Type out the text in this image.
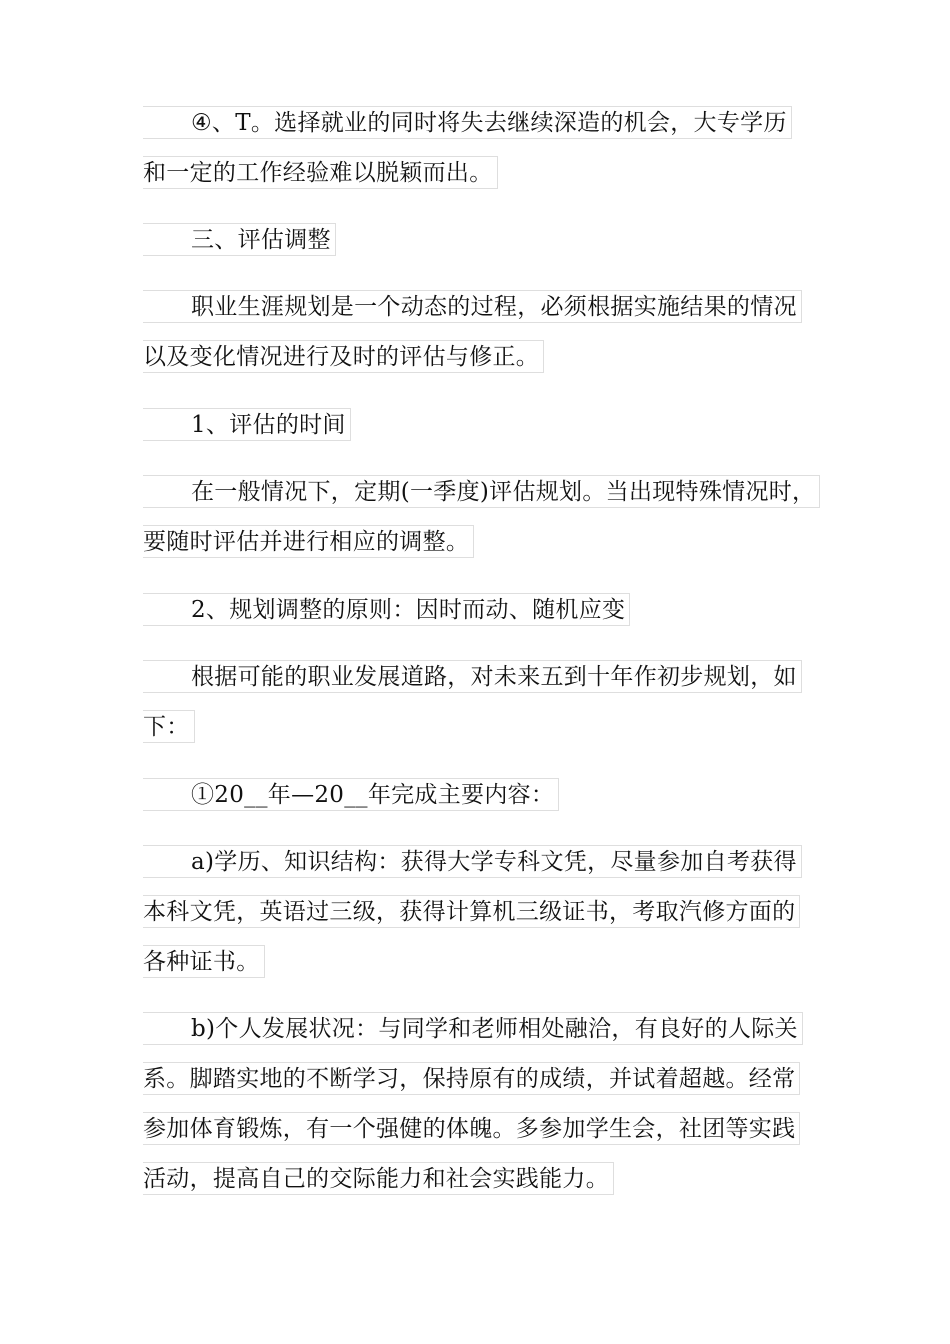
④、T。选择就业的同时将失去继续深造的机会，大专学历
和一定的工作经验难以脱颖而出。
三、评估调整
职业生涯规划是一个动态的过程，必须根据实施结果的情况
以及变化情况进行及时的评估与修正。
1、评估的时间
在一般情况下，定期(一季度)评估规划。当出现特殊情况时，
要随时评估并进行相应的调整。
2、规划调整的原则：因时而动、随机应变
根据可能的职业发展道路，对未来五到十年作初步规划，如
下：
①20__年—20__年完成主要内容：
a)学历、知识结构：获得大学专科文凭，尽量参加自考获得
本科文凭，英语过三级，获得计算机三级证书，考取汽修方面的
各种证书。
b)个人发展状况：与同学和老师相处融洽，有良好的人际关
系。脚踏实地的不断学习，保持原有的成绩，并试着超越。经常
参加体育锻炼，有一个强健的体魄。多参加学生会，社团等实践
活动，提高自己的交际能力和社会实践能力。
